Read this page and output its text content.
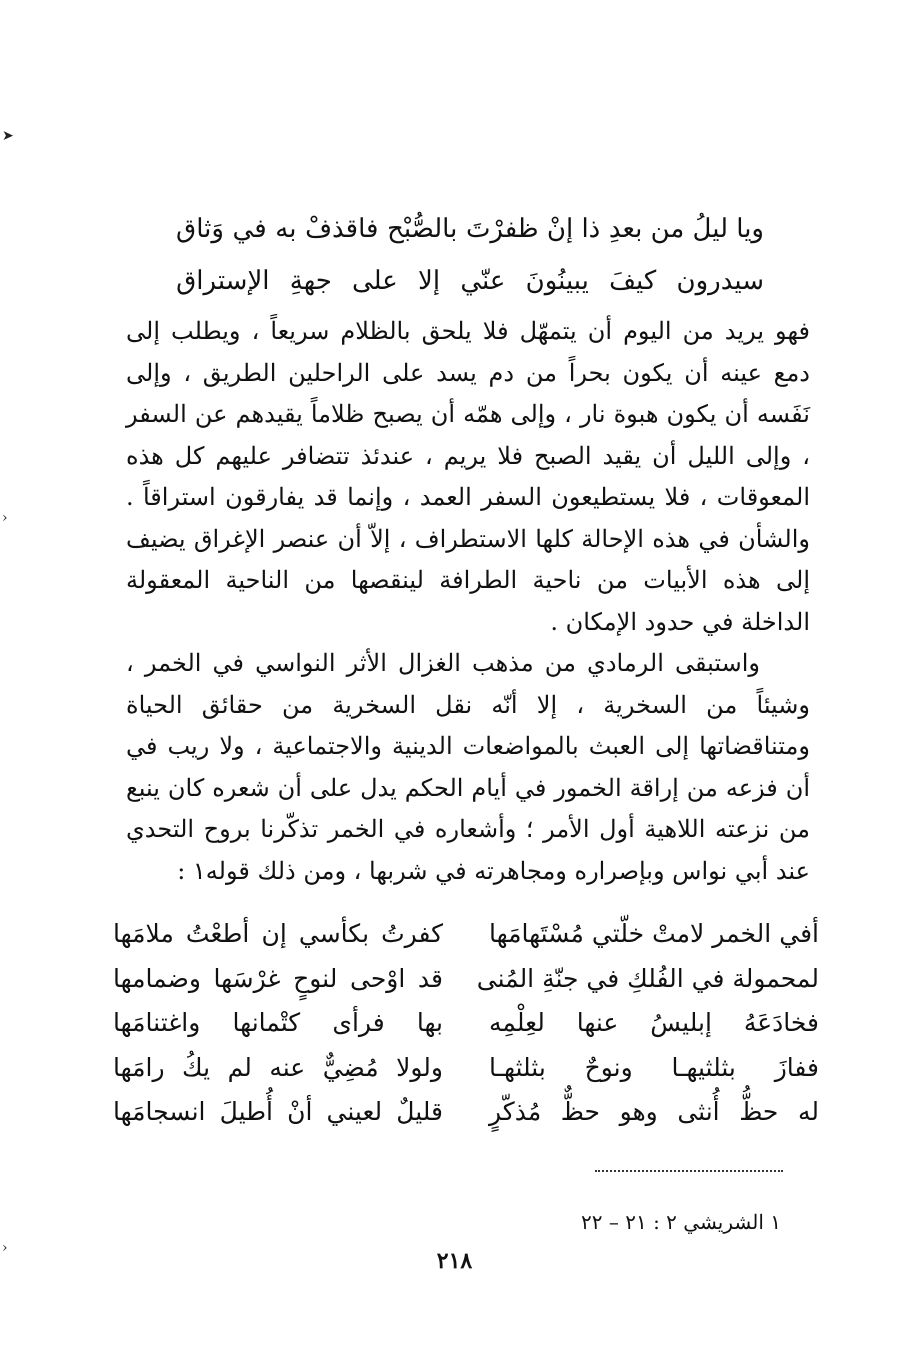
➤
›
›
ويا ليلُ من بعدِ
ذا إنْ ظفرْتَ
بالصُّبْح
فاقذفْ
به
في
وَثاق
سيدرون
كيفَ
يبينُونَ
عنّي
إلا
على
جهةِ
الإستراق

فهو يريد من اليوم أن يتمهّل فلا يلحق بالظلام سريعاً ، ويطلب إلى دمع عينه أن يكون بحراً من دم يسد على الراحلين الطريق ، وإلى نَفَسه أن يكون هبوة نار ، وإلى همّه أن يصبح ظلاماً يقيدهم عن السفر ، وإلى الليل أن يقيد الصبح فلا يريم ، عندئذ تتضافر عليهم كل هذه المعوقات ، فلا يستطيعون السفر العمد ، وإنما قد يفارقون استراقاً . والشأن في هذه الإحالة كلها الاستطراف ، إلاّ أن عنصر الإغراق يضيف إلى هذه الأبيات من ناحية الطرافة لينقصها من الناحية المعقولة الداخلة في حدود الإمكان .

واستبقى الرمادي من مذهب الغزال الأثر النواسي في الخمر ، وشيئاً من السخرية ، إلا أنّه نقل السخرية من حقائق الحياة ومتناقضاتها إلى العبث بالمواضعات الدينية والاجتماعية ، ولا ريب في أن فزعه من إراقة الخمور في أيام الحكم يدل على أن شعره كان ينبع من نزعته اللاهية أول الأمر ؛ وأشعاره في الخمر تذكّرنا بروح التحدي عند أبي نواس وبإصراره ومجاهرته في شربها ، ومن ذلك قوله١ :

أفي الخمر لامتْ خلّتي مُسْتَهامَها
كفرتُ بكأسي إن أطعْتُ ملامَها
لمحمولة في الفُلكِ في جنّةِ المُنى
قد اوْحى لنوحٍ غرْسَها وضمامها
فخادَعَهُ إبليسُ عنها لعِلْمِه
بها فرأى كتْمانها واغتنامَها
ففازَ بثلثيهـا ونوحٌ بثلثهـا
ولولا مُضِيٌّ عنه لم يكُ رامَها
له حظُّ أُنثى وهو حظٌّ مُذكّرٍ
قليلٌ لعيني أنْ أُطيلَ انسجامَها
١ الشريشي ٢ : ٢١ – ٢٢
٢١٨
